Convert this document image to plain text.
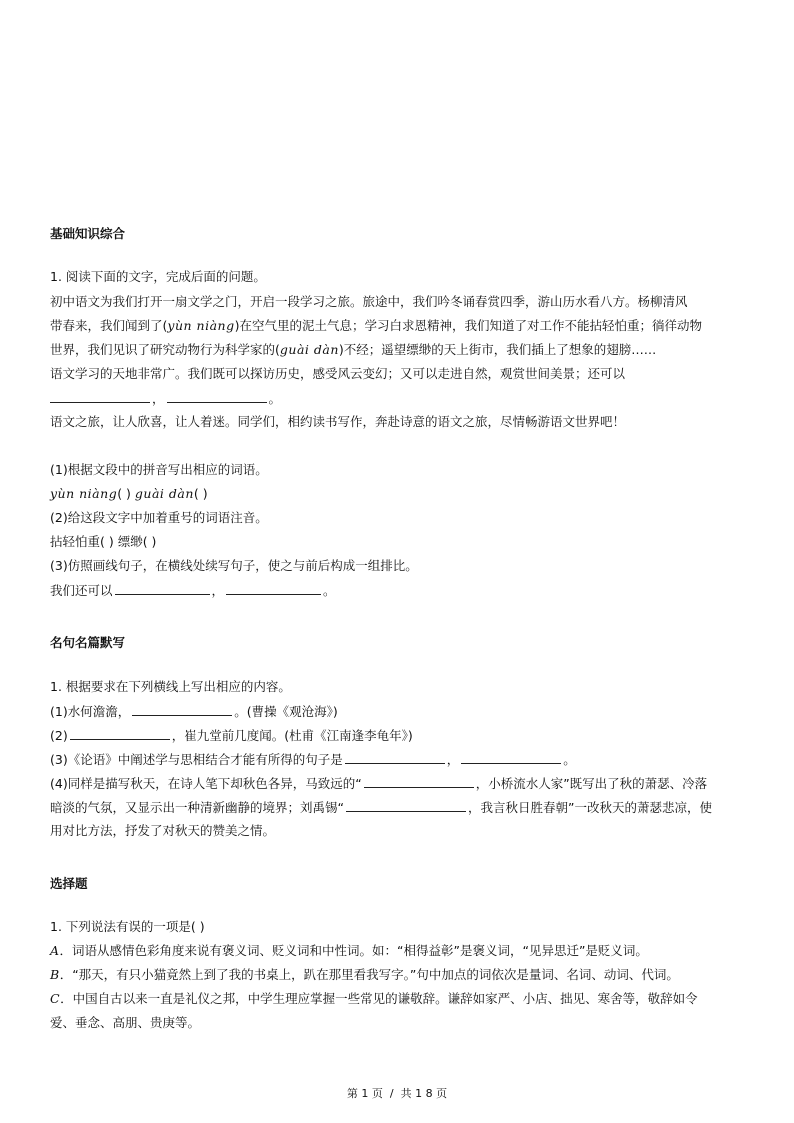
基础知识综合
1. 阅读下面的文字，完成后面的问题。
初中语文为我们打开一扇文学之门，开启一段学习之旅。旅途中，我们吟冬诵春赏四季，游山历水看八方。杨柳清风
带春来，我们闻到了(yùn niàng)在空气里的泥土气息；学习白求恩精神，我们知道了对工作不能拈轻怕重；徜徉动物
世界，我们见识了研究动物行为科学家的(guài dàn)不经；遥望缥缈的天上街市，我们插上了想象的翅膀……
语文学习的天地非常广。我们既可以探访历史，感受风云变幻；又可以走进自然，观赏世间美景；还可以
，	。
语文之旅，让人欣喜，让人着迷。同学们，相约读书写作，奔赴诗意的语文之旅，尽情畅游语文世界吧！
(1)根据文段中的拼音写出相应的词语。
yùn niàng( ) guài dàn( )
(2)给这段文字中加着重号的词语注音。
拈轻怕重( ) 缥缈( )
(3)仿照画线句子，在横线处续写句子，使之与前后构成一组排比。
我们还可以	，	。
名句名篇默写
1. 根据要求在下列横线上写出相应的内容。
(1)水何澹澹，	。(曹操《观沧海》)
(2)	，崔九堂前几度闻。(杜甫《江南逢李龟年》)
(3)《论语》中阐述学与思相结合才能有所得的句子是	，	。
(4)同样是描写秋天，在诗人笔下却秋色各异，马致远的“	，小桥流水人家”既写出了秋的萧瑟、冷落
暗淡的气氛，又显示出一种清新幽静的境界；刘禹锡“	，我言秋日胜春朝”一改秋天的萧瑟悲凉，使
用对比方法，抒发了对秋天的赞美之情。
选择题
1. 下列说法有误的一项是( )
A．词语从感情色彩角度来说有褒义词、贬义词和中性词。如：“相得益彰”是褒义词，“见异思迁”是贬义词。
B．“那天，有只小猫竟然上到了我的书桌上，趴在那里看我写字。”句中加点的词依次是量词、名词、动词、代词。
C．中国自古以来一直是礼仪之邦，中学生理应掌握一些常见的谦敬辞。谦辞如家严、小店、拙见、寒舍等，敬辞如令
爱、垂念、高朋、贵庚等。
第 1 页  /  共 1 8 页
